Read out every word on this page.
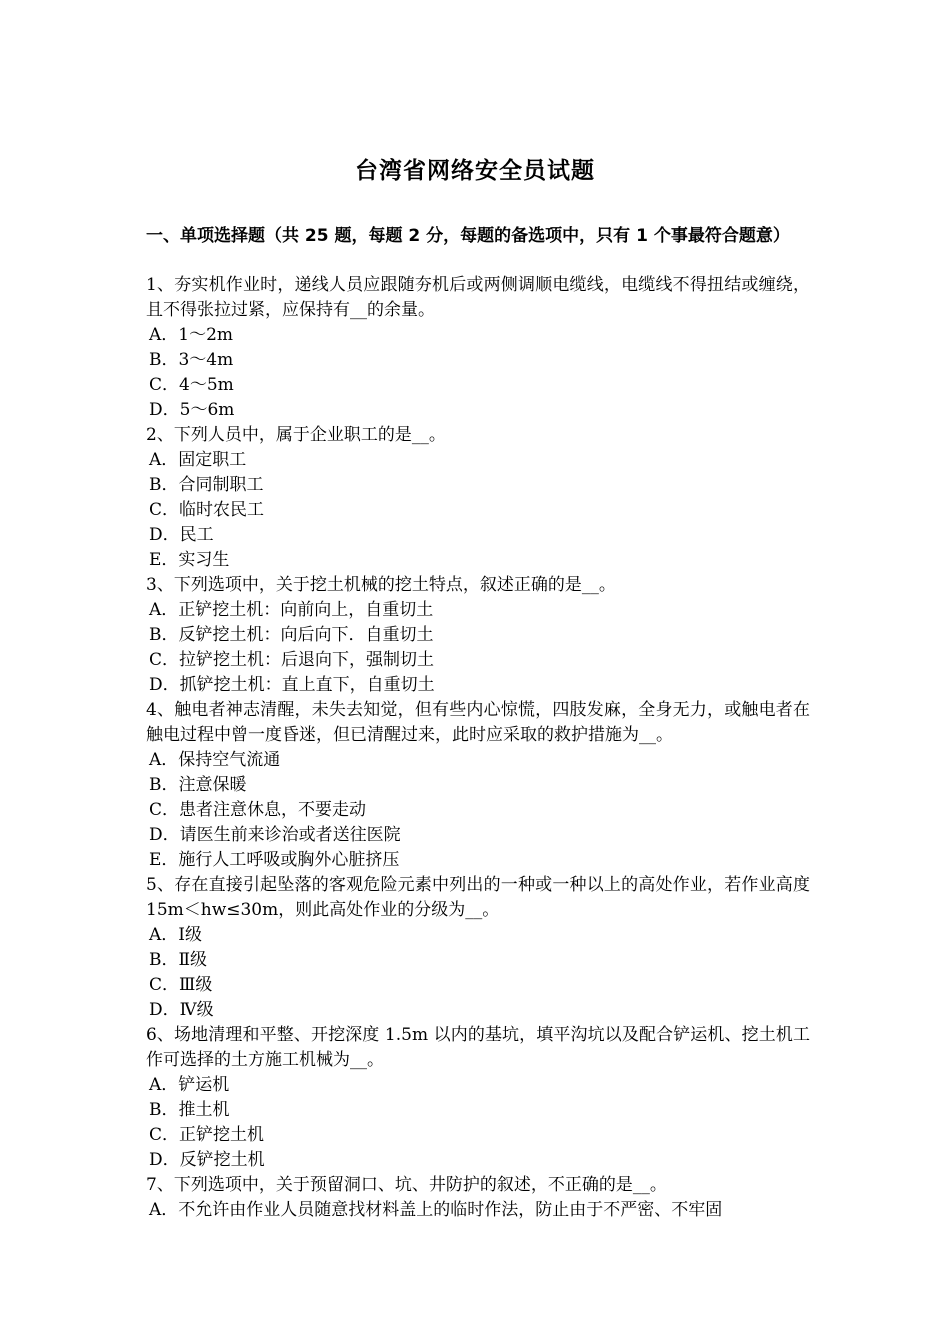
台湾省网络安全员试题
一、单项选择题（共 25 题，每题 2 分，每题的备选项中，只有 1 个事最符合题意）
1、夯实机作业时，递线人员应跟随夯机后或两侧调顺电缆线，电缆线不得扭结或缠绕，且不得张拉过紧，应保持有__的余量。
A．1～2m
B．3～4m
C．4～5m
D．5～6m
2、下列人员中，属于企业职工的是__。
A．固定职工
B．合同制职工
C．临时农民工
D．民工
E．实习生
3、下列选项中，关于挖土机械的挖土特点，叙述正确的是__。
A．正铲挖土机：向前向上，自重切土
B．反铲挖土机：向后向下．自重切土
C．拉铲挖土机：后退向下，强制切土
D．抓铲挖土机：直上直下，自重切土
4、触电者神志清醒，未失去知觉，但有些内心惊慌，四肢发麻，全身无力，或触电者在触电过程中曾一度昏迷，但已清醒过来，此时应采取的救护措施为__。
A．保持空气流通
B．注意保暖
C．患者注意休息，不要走动
D．请医生前来诊治或者送往医院
E．施行人工呼吸或胸外心脏挤压
5、存在直接引起坠落的客观危险元素中列出的一种或一种以上的高处作业，若作业高度 15m＜hw≤30m，则此高处作业的分级为__。
A．Ⅰ级
B．Ⅱ级
C．Ⅲ级
D．Ⅳ级
6、场地清理和平整、开挖深度 1.5m 以内的基坑，填平沟坑以及配合铲运机、挖土机工作可选择的土方施工机械为__。
A．铲运机
B．推土机
C．正铲挖土机
D．反铲挖土机
7、下列选项中，关于预留洞口、坑、井防护的叙述，不正确的是__。
A．不允许由作业人员随意找材料盖上的临时作法，防止由于不严密、不牢固
